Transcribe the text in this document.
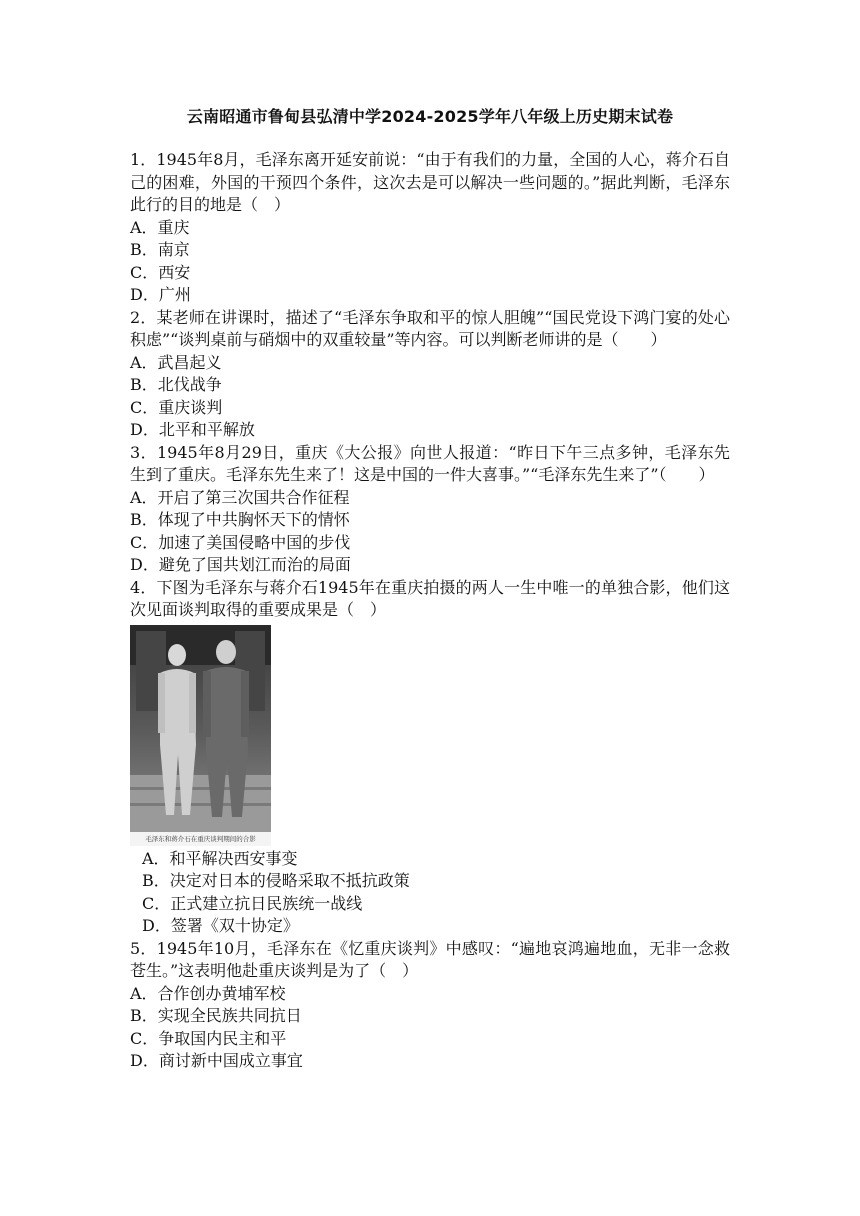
云南昭通市鲁甸县弘清中学2024-2025学年八年级上历史期末试卷

1．1945年8月，毛泽东离开延安前说：“由于有我们的力量，全国的人心，蒋介石自己的困难，外国的干预四个条件，这次去是可以解决一些问题的。”据此判断，毛泽东此行的目的地是（　）

A．重庆

B．南京

C．西安

D．广州

2．某老师在讲课时，描述了“毛泽东争取和平的惊人胆魄”“国民党设下鸿门宴的处心积虑”“谈判桌前与硝烟中的双重较量”等内容。可以判断老师讲的是（　　）

A．武昌起义

B．北伐战争

C．重庆谈判

D．北平和平解放

3．1945年8月29日，重庆《大公报》向世人报道：“昨日下午三点多钟，毛泽东先生到了重庆。毛泽东先生来了！这是中国的一件大喜事。”“毛泽东先生来了”（　　）

A．开启了第三次国共合作征程

B．体现了中共胸怀天下的情怀

C．加速了美国侵略中国的步伐

D．避免了国共划江而治的局面

4．下图为毛泽东与蒋介石1945年在重庆拍摄的两人一生中唯一的单独合影，他们这次见面谈判取得的重要成果是（　）

毛泽东和蒋介石在重庆谈判期间的合影

A．和平解决西安事变

B．决定对日本的侵略采取不抵抗政策

C．正式建立抗日民族统一战线

D．签署《双十协定》

5．1945年10月，毛泽东在《忆重庆谈判》中感叹：“遍地哀鸿遍地血，无非一念救苍生。”这表明他赴重庆谈判是为了（　）

A．合作创办黄埔军校

B．实现全民族共同抗日

C．争取国内民主和平

D．商讨新中国成立事宜
